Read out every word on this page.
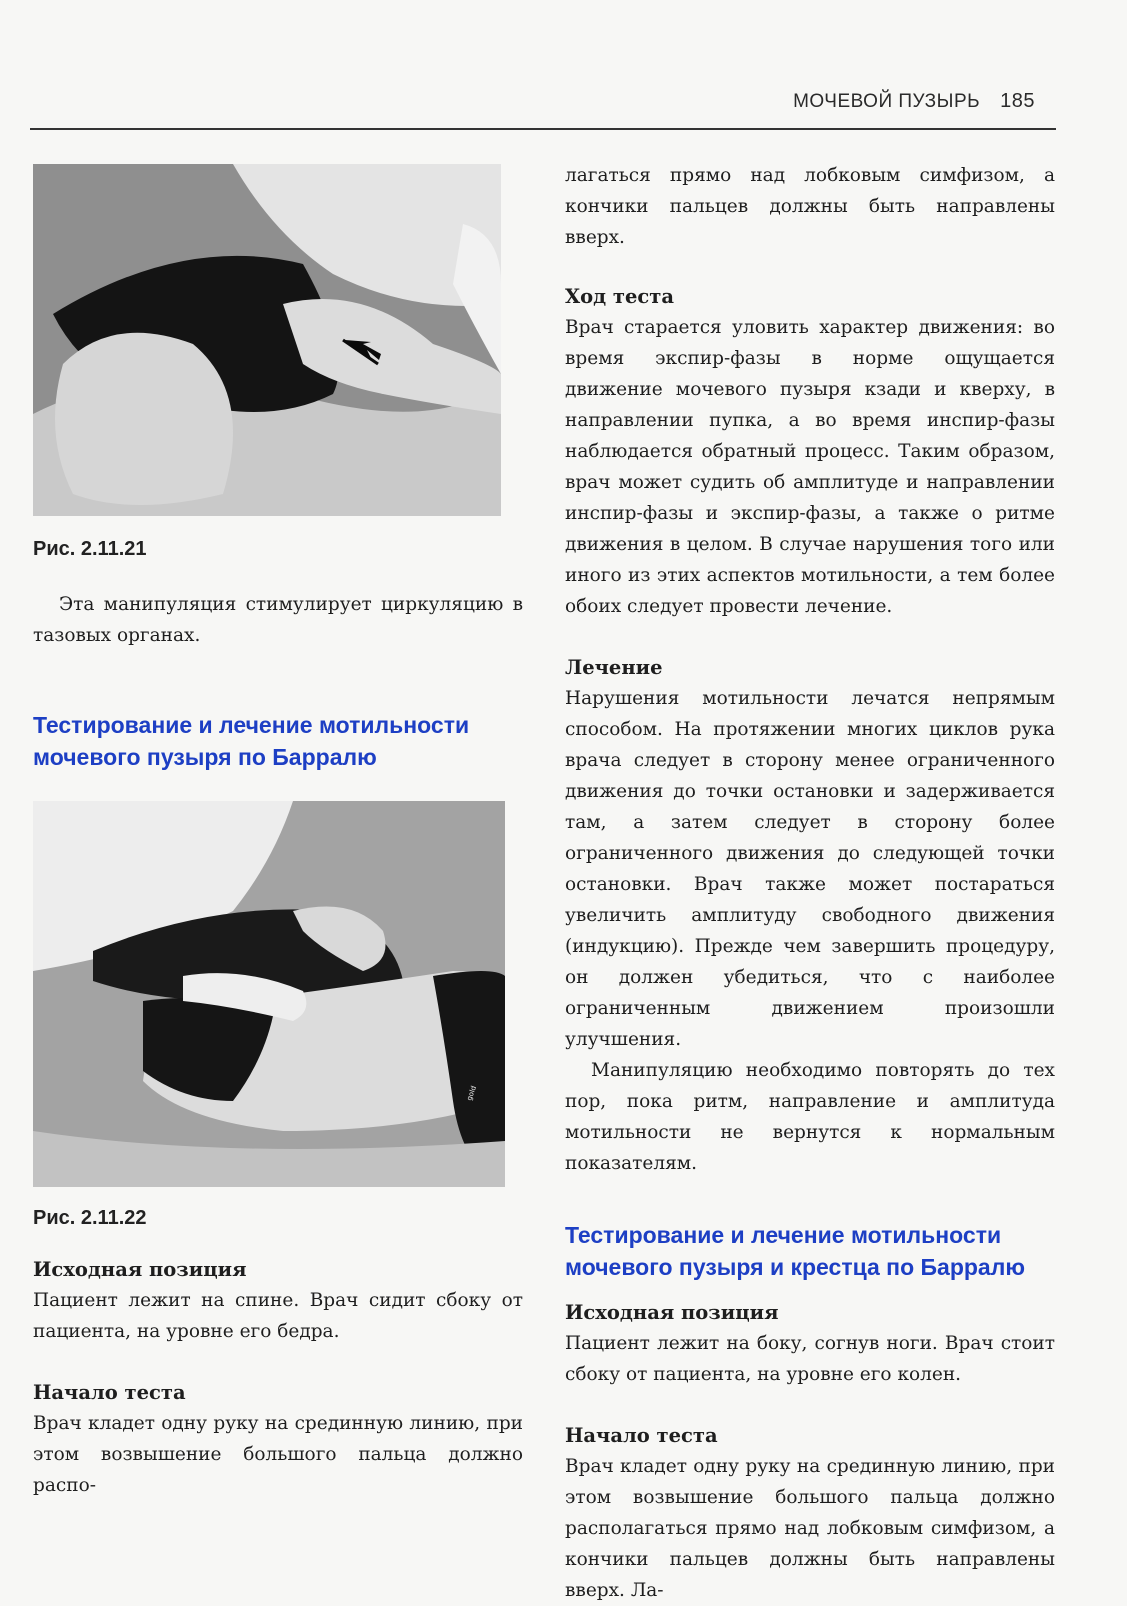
МОЧЕВОЙ ПУЗЫРЬ 185
Рис. 2.11.21

Эта манипуляция стимулирует циркуляцию в тазовых органах.

Тестирование и лечение мотильности мочевого пузыря по Барралю
gold
Рис. 2.11.22
Исходная позиция

Пациент лежит на спине. Врач сидит сбоку от пациента, на уровне его бедра.

Начало теста

Врач кладет одну руку на срединную линию, при этом возвышение большого пальца должно распо-

лагаться прямо над лобковым симфизом, а кончики пальцев должны быть направлены вверх.

Ход теста

Врач старается уловить характер движения: во время экспир-фазы в норме ощущается движение мочевого пузыря кзади и кверху, в направлении пупка, а во время инспир-фазы наблюдается обратный процесс. Таким образом, врач может судить об амплитуде и направлении инспир-фазы и экспир-фазы, а также о ритме движения в целом. В случае нарушения того или иного из этих аспектов мотильности, а тем более обоих следует провести лечение.

Лечение

Нарушения мотильности лечатся непрямым способом. На протяжении многих циклов рука врача следует в сторону менее ограниченного движения до точки остановки и задерживается там, а затем следует в сторону более ограниченного движения до следующей точки остановки. Врач также может постараться увеличить амплитуду свободного движения (индукцию). Прежде чем завершить процедуру, он должен убедиться, что с наиболее ограниченным движением произошли улучшения.

Манипуляцию необходимо повторять до тех пор, пока ритм, направление и амплитуда мотильности не вернутся к нормальным показателям.

Тестирование и лечение мотильности мочевого пузыря и крестца по Барралю
Исходная позиция

Пациент лежит на боку, согнув ноги. Врач стоит сбоку от пациента, на уровне его колен.

Начало теста

Врач кладет одну руку на срединную линию, при этом возвышение большого пальца должно располагаться прямо над лобковым симфизом, а кончики пальцев должны быть направлены вверх. Ла-
